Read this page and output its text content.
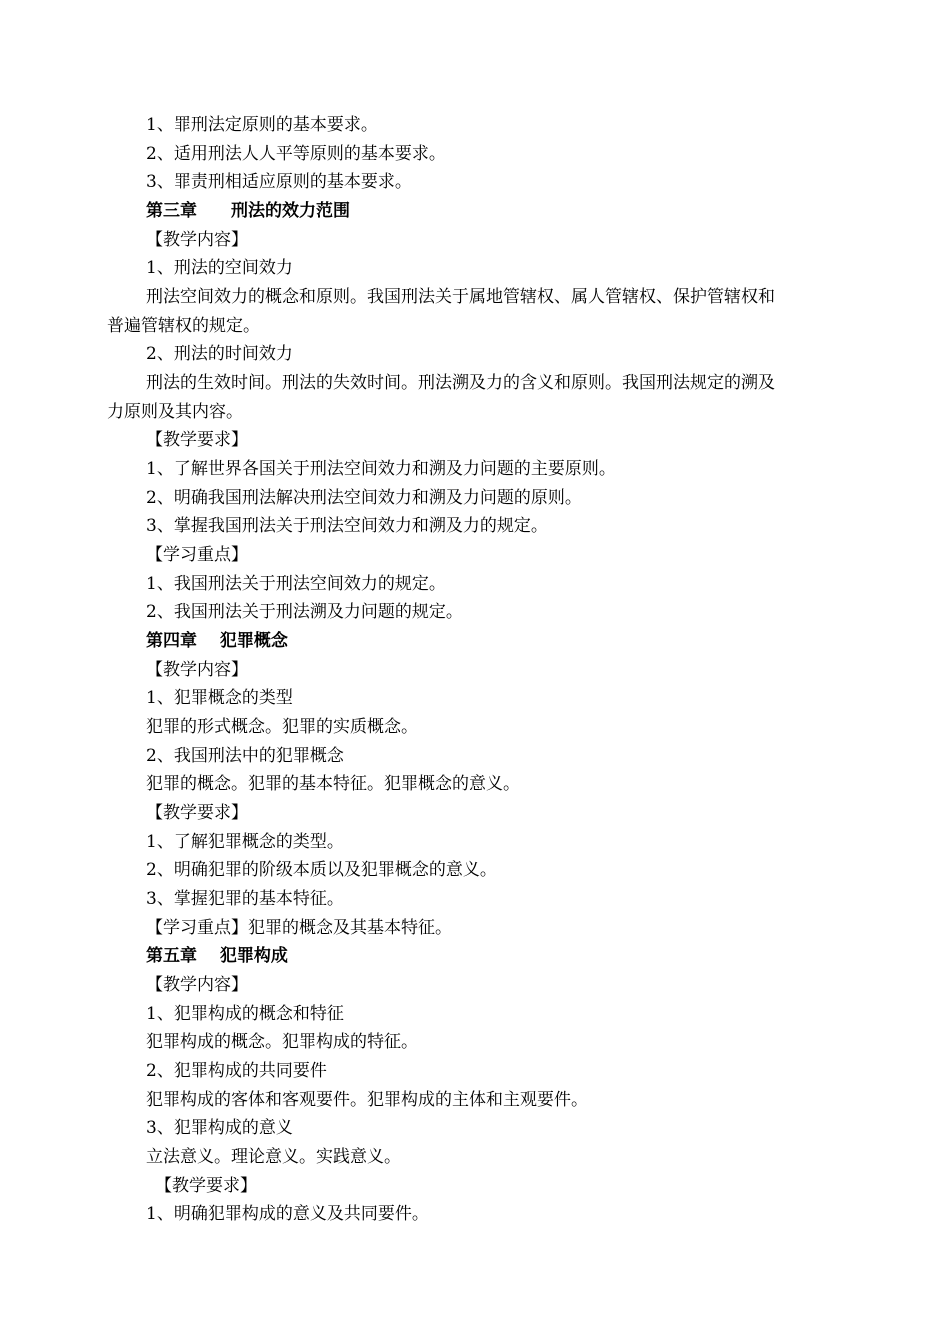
1、罪刑法定原则的基本要求。
2、适用刑法人人平等原则的基本要求。
3、罪责刑相适应原则的基本要求。
第三章　　刑法的效力范围
【教学内容】
1、刑法的空间效力
刑法空间效力的概念和原则。我国刑法关于属地管辖权、属人管辖权、保护管辖权和
普遍管辖权的规定。
2、刑法的时间效力
刑法的生效时间。刑法的失效时间。刑法溯及力的含义和原则。我国刑法规定的溯及
力原则及其内容。
【教学要求】
1、了解世界各国关于刑法空间效力和溯及力问题的主要原则。
2、明确我国刑法解决刑法空间效力和溯及力问题的原则。
3、掌握我国刑法关于刑法空间效力和溯及力的规定。
【学习重点】
1、我国刑法关于刑法空间效力的规定。
2、我国刑法关于刑法溯及力问题的规定。
第四章　 犯罪概念
【教学内容】
1、犯罪概念的类型
犯罪的形式概念。犯罪的实质概念。
2、我国刑法中的犯罪概念
犯罪的概念。犯罪的基本特征。犯罪概念的意义。
【教学要求】
1、了解犯罪概念的类型。
2、明确犯罪的阶级本质以及犯罪概念的意义。
3、掌握犯罪的基本特征。
【学习重点】犯罪的概念及其基本特征。
第五章　 犯罪构成
【教学内容】
1、犯罪构成的概念和特征
犯罪构成的概念。犯罪构成的特征。
2、犯罪构成的共同要件
犯罪构成的客体和客观要件。犯罪构成的主体和主观要件。
3、犯罪构成的意义
立法意义。理论意义。实践意义。
【教学要求】
1、明确犯罪构成的意义及共同要件。
